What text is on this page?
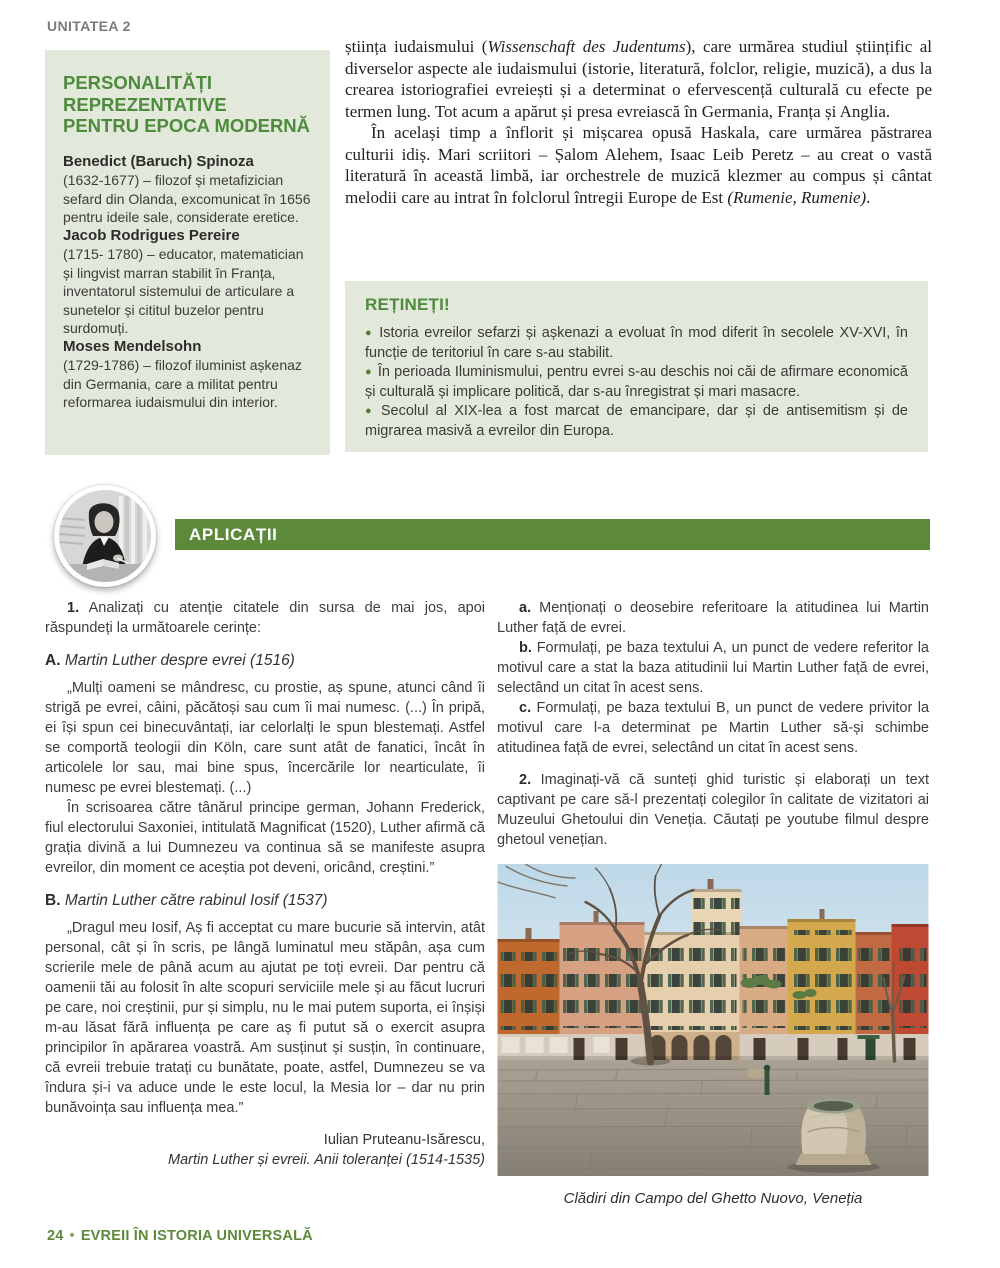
UNITATEA 2
PERSONALITĂȚI
REPREZENTATIVE
PENTRU EPOCA MODERNĂ
Benedict (Baruch) Spinoza
(1632-1677) – filozof și metafizician sefard din Olanda, excomunicat în 1656 pentru ideile sale, considerate eretice.
Jacob Rodrigues Pereire
(1715- 1780) – educator, matematician și lingvist marran stabilit în Franța, inventatorul sistemului de articulare a sunetelor și cititul buzelor pentru surdomuți.
Moses Mendelsohn
(1729-1786) – filozof iluminist așkenaz din Germania, care a militat pentru reformarea iudaismului din interior.

știința iudaismului (Wissenschaft des Judentums), care urmărea studiul științific al diverselor aspecte ale iudaismului (istorie, literatură, folclor, religie, muzică), a dus la crearea istoriografiei evreiești și a determinat o efervescență culturală cu efecte pe termen lung. Tot acum a apărut și presa evreiască în Germania, Franța și Anglia.

În același timp a înflorit și mișcarea opusă Haskala, care urmărea păstrarea culturii idiș. Mari scriitori – Șalom Alehem, Isaac Leib Peretz – au creat o vastă literatură în această limbă, iar orchestrele de muzică klezmer au compus și cântat melodii care au intrat în folclorul întregii Europe de Est (Rumenie, Rumenie).

REȚINEȚI!

● Istoria evreilor sefarzi și așkenazi a evoluat în mod diferit în secolele XV-XVI, în funcție de teritoriul în care s-au stabilit.

● În perioada Iluminismului, pentru evrei s-au deschis noi căi de afirmare economică și culturală și implicare politică, dar s-au înregistrat și mari masacre.

● Secolul al XIX-lea a fost marcat de emancipare, dar și de antisemitism și de migrarea masivă a evreilor din Europa.

APLICAȚII

1. Analizați cu atenție citatele din sursa de mai jos, apoi răspundeți la următoarele cerințe:

A. Martin Luther despre evrei (1516)

„Mulți oameni se mândresc, cu prostie, aș spune, atunci când îi strigă pe evrei, câini, păcătoși sau cum îi mai numesc. (...) În pripă, ei își spun cei binecuvântați, iar celorlalți le spun blestemați. Astfel se comportă teologii din Köln, care sunt atât de fanatici, încât în articolele lor sau, mai bine spus, încercările lor nearticulate, îi numesc pe evrei blestemați. (...)

În scrisoarea către tânărul principe german, Johann Frederick, fiul electorului Saxoniei, intitulată Magnificat (1520), Luther afirmă că grația divină a lui Dumnezeu va continua să se manifeste asupra evreilor, din moment ce aceștia pot deveni, oricând, creștini.”

B. Martin Luther către rabinul Iosif (1537)

„Dragul meu Iosif, Aș fi acceptat cu mare bucurie să intervin, atât personal, cât și în scris, pe lângă luminatul meu stăpân, așa cum scrierile mele de până acum au ajutat pe toți evreii. Dar pentru că oamenii tăi au folosit în alte scopuri serviciile mele și au făcut lucruri pe care, noi creștinii, pur și simplu, nu le mai putem suporta, ei înșiși m-au lăsat fără influența pe care aș fi putut să o exercit asupra principilor în apărarea voastră. Am susținut și susțin, în continuare, că evreii trebuie tratați cu bunătate, poate, astfel, Dumnezeu se va îndura și-i va aduce unde le este locul, la Mesia lor – dar nu prin bunăvoința sau influența mea.”

Iulian Pruteanu-Isărescu,
Martin Luther și evreii. Anii toleranței (1514-1535)

a. Menționați o deosebire referitoare la atitudinea lui Martin Luther față de evrei.

b. Formulați, pe baza textului A, un punct de vedere referitor la motivul care a stat la baza atitudinii lui Martin Luther față de evrei, selectând un citat în acest sens.

c. Formulați, pe baza textului B, un punct de vedere privitor la motivul care l-a determinat pe Martin Luther să-și schimbe atitudinea față de evrei, selectând un citat în acest sens.

2. Imaginați-vă că sunteți ghid turistic și elaborați un text captivant pe care să-l prezentați colegilor în calitate de vizitatori ai Muzeului Ghetoului din Veneția. Căutați pe youtube filmul despre ghetoul venețian.

Clădiri din Campo del Ghetto Nuovo, Veneția

24 • EVREII ÎN ISTORIA UNIVERSALĂ
